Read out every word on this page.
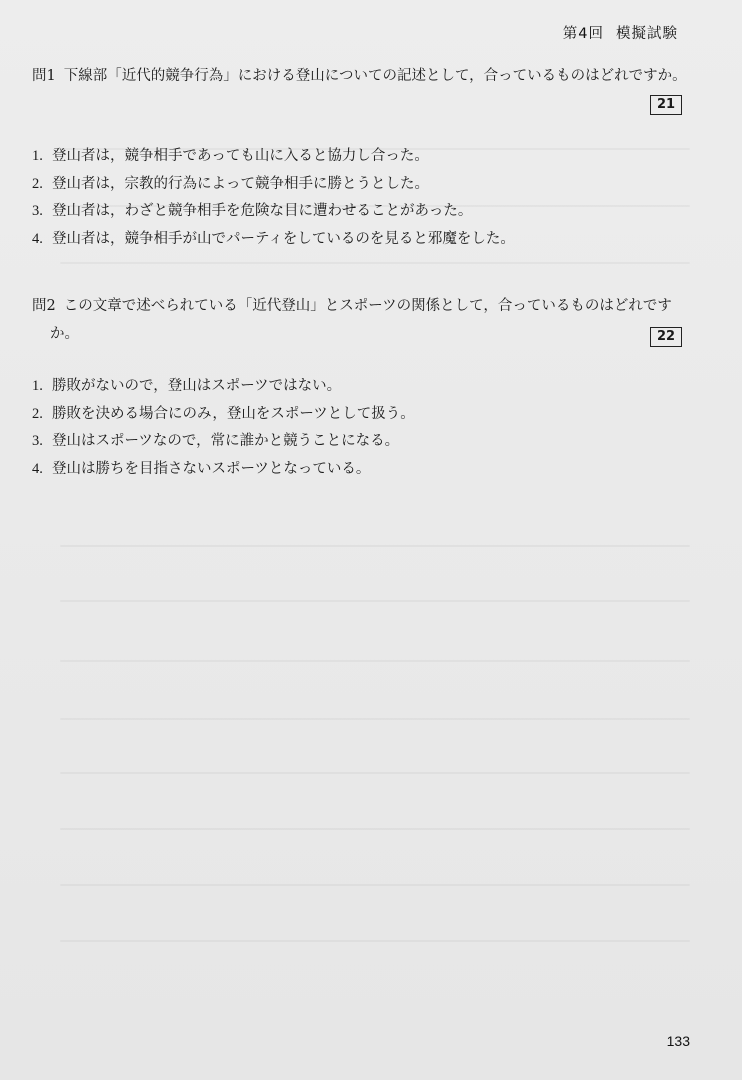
第4回 模擬試験
問1 下線部「近代的競争行為」における登山についての記述として，合っているものはどれですか。
21
1. 登山者は，競争相手であっても山に入ると協力し合った。
2. 登山者は，宗教的行為によって競争相手に勝とうとした。
3. 登山者は，わざと競争相手を危険な目に遭わせることがあった。
4. 登山者は，競争相手が山でパーティをしているのを見ると邪魔をした。
問2 この文章で述べられている「近代登山」とスポーツの関係として，合っているものはどれです
か。	22
1. 勝敗がないので，登山はスポーツではない。
2. 勝敗を決める場合にのみ，登山をスポーツとして扱う。
3. 登山はスポーツなので，常に誰かと競うことになる。
4. 登山は勝ちを目指さないスポーツとなっている。
133
